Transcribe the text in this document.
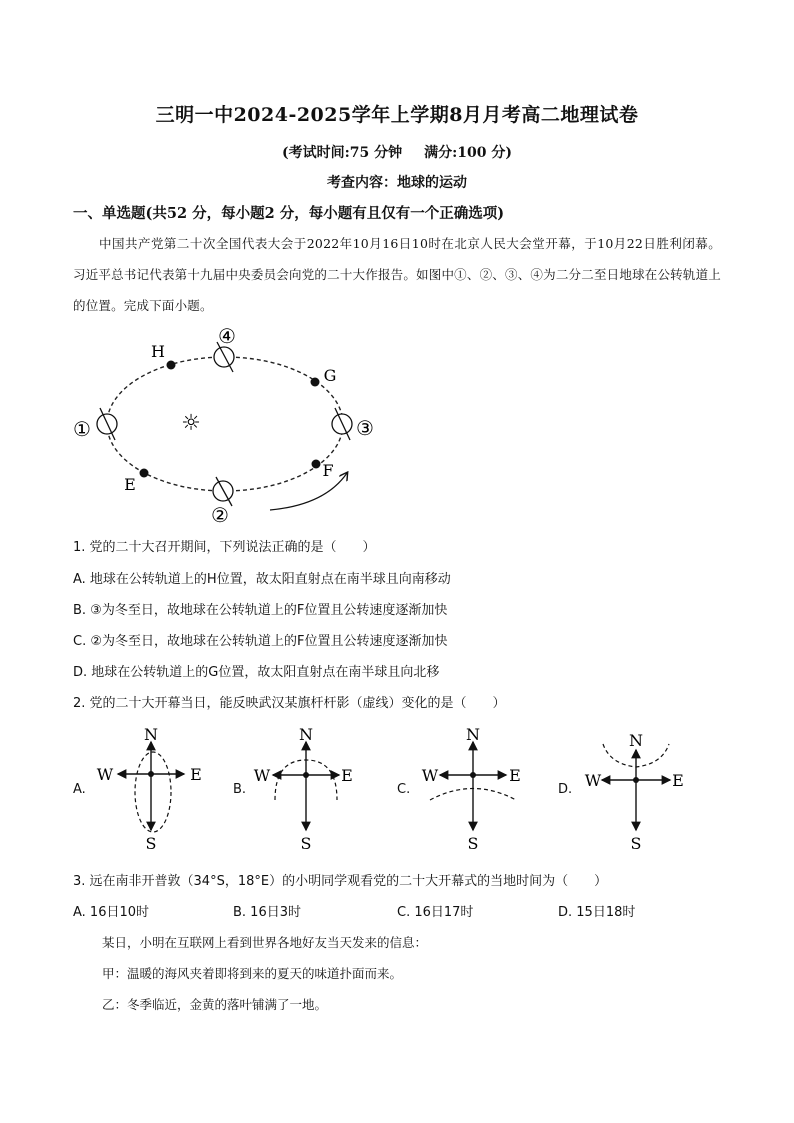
三明一中2024-2025学年上学期8月月考高二地理试卷
(考试时间:75 分钟 满分:100 分)
考查内容：地球的运动
一、单选题(共52 分，每小题2 分，每小题有且仅有一个正确选项)
中国共产党第二十次全国代表大会于2022年10月16日10时在北京人民大会堂开幕，于10月22日胜利闭幕。习近平总书记代表第十九届中央委员会向党的二十大作报告。如图中①、②、③、④为二分二至日地球在公转轨道上的位置。完成下面小题。
☼
①
②
③
④
H
G
F
E
1. 党的二十大召开期间，下列说法正确的是（　　）
A. 地球在公转轨道上的H位置，故太阳直射点在南半球且向南移动
B. ③为冬至日，故地球在公转轨道上的F位置且公转速度逐渐加快
C. ②为冬至日，故地球在公转轨道上的F位置且公转速度逐渐加快
D. 地球在公转轨道上的G位置，故太阳直射点在南半球且向北移
2. 党的二十大开幕当日，能反映武汉某旗杆杆影（虚线）变化的是（　　）
A.	B.	C.	D.
N
S
W	E
N
S
W	E
N
S
W	E
N
S
W	E
3. 远在南非开普敦（34°S，18°E）的小明同学观看党的二十大开幕式的当地时间为（　　）
A. 16日10时	B. 16日3时	C. 16日17时	D. 15日18时
某日，小明在互联网上看到世界各地好友当天发来的信息：
甲：温暖的海风夹着即将到来的夏天的味道扑面而来。
乙：冬季临近，金黄的落叶铺满了一地。
